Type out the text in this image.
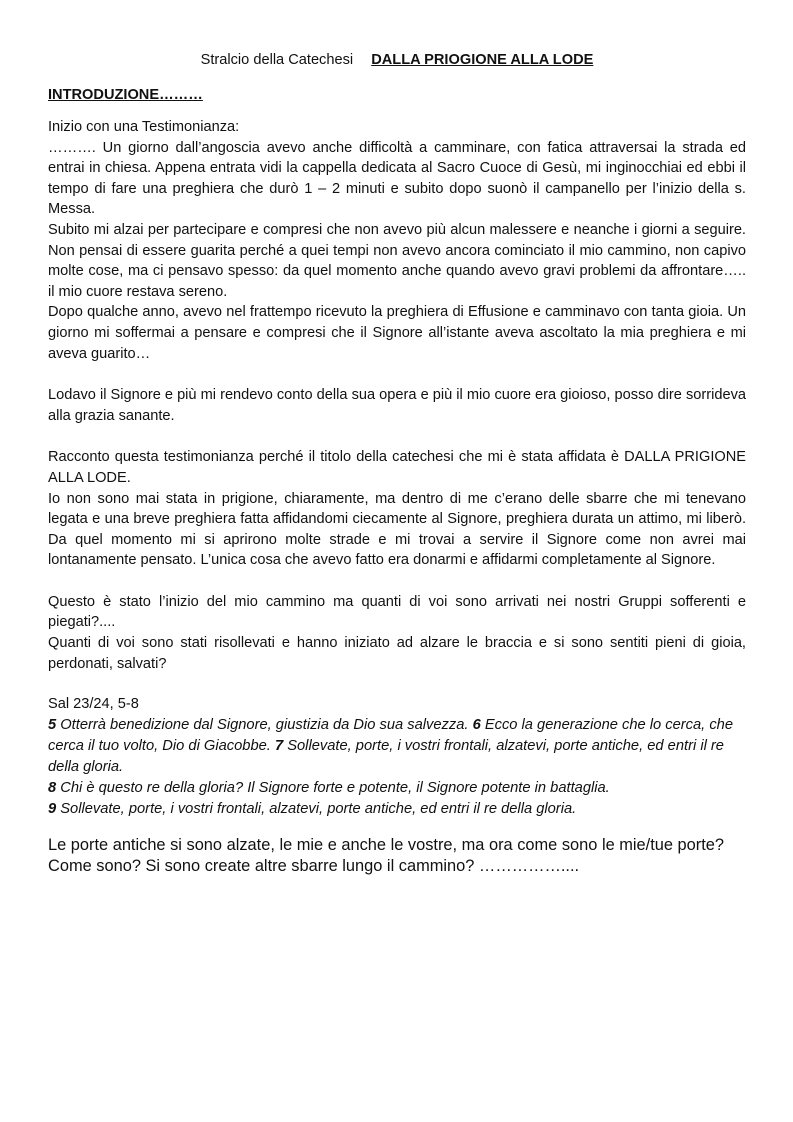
Stralcio della Catechesi DALLA PRIOGIONE ALLA LODE
INTRODUZIONE………

Inizio con una Testimonianza:

………. Un giorno dall’angoscia avevo anche difficoltà a camminare, con fatica attraversai la strada ed entrai in chiesa. Appena entrata vidi la cappella dedicata al Sacro Cuoce di Gesù, mi inginocchiai ed ebbi il tempo di fare una preghiera che durò 1 – 2 minuti e subito dopo suonò il campanello per l’inizio della s. Messa.

Subito mi alzai per partecipare e compresi che non avevo più alcun malessere e neanche i giorni a seguire. Non pensai di essere guarita perché a quei tempi non avevo ancora cominciato il mio cammino, non capivo molte cose, ma ci pensavo spesso: da quel momento anche quando avevo gravi problemi da affrontare….. il mio cuore restava sereno.

Dopo qualche anno, avevo nel frattempo ricevuto la preghiera di Effusione e camminavo con tanta gioia. Un giorno mi soffermai a pensare e compresi che il Signore all’istante aveva ascoltato la mia preghiera e mi aveva guarito…

Lodavo il Signore e più mi rendevo conto della sua opera e più il mio cuore era gioioso, posso dire sorrideva alla grazia sanante.

Racconto questa testimonianza perché il titolo della catechesi che mi è stata affidata è DALLA PRIGIONE ALLA LODE.

Io non sono mai stata in prigione, chiaramente, ma dentro di me c’erano delle sbarre che mi tenevano legata e una breve preghiera fatta affidandomi ciecamente al Signore, preghiera durata un attimo, mi liberò. Da quel momento mi si aprirono molte strade e mi trovai a servire il Signore come non avrei mai lontanamente pensato. L’unica cosa che avevo fatto era donarmi e affidarmi completamente al Signore.

Questo è stato l’inizio del mio cammino ma quanti di voi sono arrivati nei nostri Gruppi sofferenti e piegati?....

Quanti di voi sono stati risollevati e hanno iniziato ad alzare le braccia e si sono sentiti pieni di gioia, perdonati, salvati?

Sal 23/24, 5-8

5 Otterrà benedizione dal Signore, giustizia da Dio sua salvezza. 6 Ecco la generazione che lo cerca, che cerca il tuo volto, Dio di Giacobbe. 7 Sollevate, porte, i vostri frontali, alzatevi, porte antiche, ed entri il re della gloria.
8 Chi è questo re della gloria? Il Signore forte e potente, il Signore potente in battaglia.
9 Sollevate, porte, i vostri frontali, alzatevi, porte antiche, ed entri il re della gloria.

Le porte antiche si sono alzate, le mie e anche le vostre, ma ora come sono le mie/tue porte? Come sono? Si sono create altre sbarre lungo il cammino? ……………....
